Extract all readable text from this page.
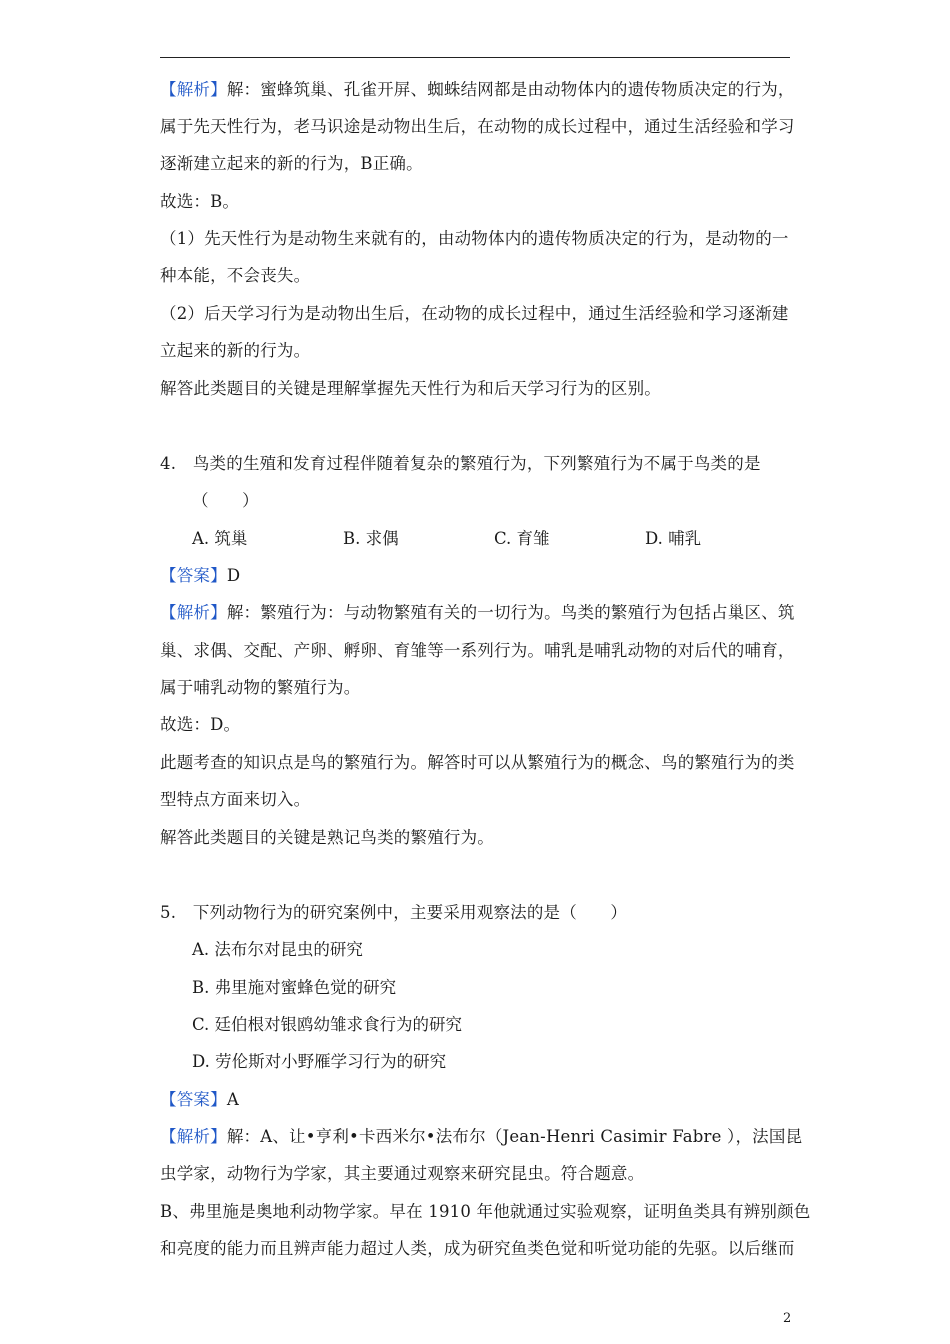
【解析】解：蜜蜂筑巢、孔雀开屏、蜘蛛结网都是由动物体内的遗传物质决定的行为，
属于先天性行为，老马识途是动物出生后，在动物的成长过程中，通过生活经验和学习
逐渐建立起来的新的行为，B正确。
故选：B。
（1）先天性行为是动物生来就有的，由动物体内的遗传物质决定的行为，是动物的一
种本能，不会丧失。
（2）后天学习行为是动物出生后，在动物的成长过程中，通过生活经验和学习逐渐建
立起来的新的行为。
解答此类题目的关键是理解掌握先天性行为和后天学习行为的区别。
4.　鸟类的生殖和发育过程伴随着复杂的繁殖行为，下列繁殖行为不属于鸟类的是
（　　）
A. 筑巢	B. 求偶	C. 育雏	D. 哺乳
【答案】D
【解析】解：繁殖行为：与动物繁殖有关的一切行为。鸟类的繁殖行为包括占巢区、筑
巢、求偶、交配、产卵、孵卵、育雏等一系列行为。哺乳是哺乳动物的对后代的哺育，
属于哺乳动物的繁殖行为。
故选：D。
此题考查的知识点是鸟的繁殖行为。解答时可以从繁殖行为的概念、鸟的繁殖行为的类
型特点方面来切入。
解答此类题目的关键是熟记鸟类的繁殖行为。
5.　下列动物行为的研究案例中，主要采用观察法的是（　　）
A. 法布尔对昆虫的研究
B. 弗里施对蜜蜂色觉的研究
C. 廷伯根对银鸥幼雏求食行为的研究
D. 劳伦斯对小野雁学习行为的研究
【答案】A
【解析】解：A、让•亨利•卡西米尔•法布尔（Jean-Henri Casimir Fabre ），法国昆
虫学家，动物行为学家，其主要通过观察来研究昆虫。符合题意。
B、弗里施是奥地利动物学家。早在 1910 年他就通过实验观察，证明鱼类具有辨别颜色
和亮度的能力而且辨声能力超过人类，成为研究鱼类色觉和听觉功能的先驱。以后继而
2
